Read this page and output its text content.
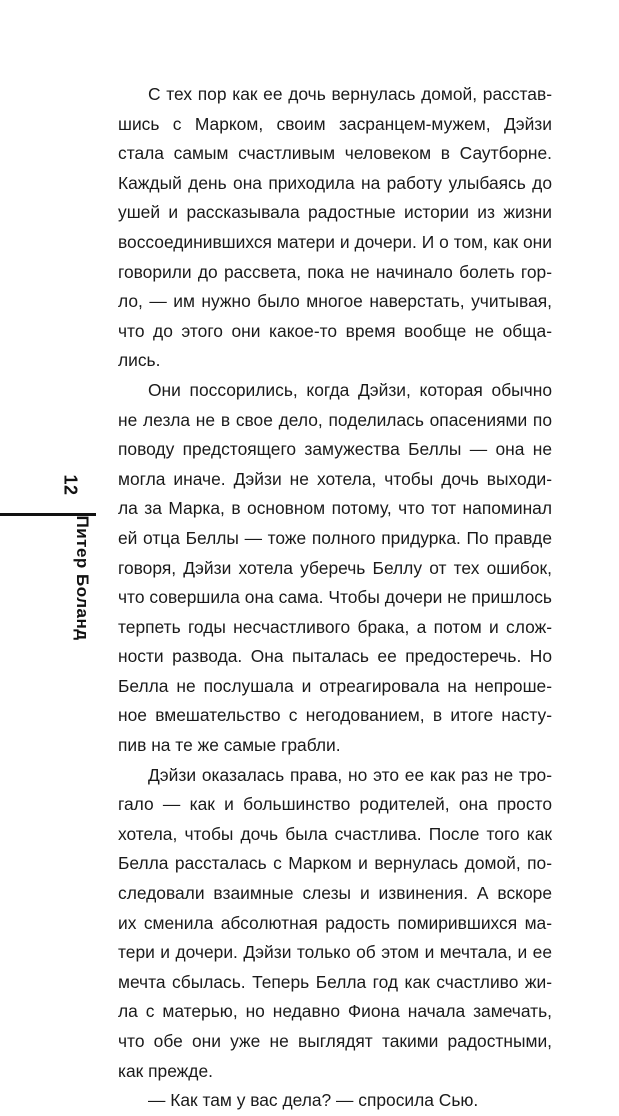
12
Питер Боланд
С тех пор как ее дочь вернулась домой, расстав-
шись с Марком, своим засранцем-мужем, Дэйзи
стала самым счастливым человеком в Саутборне.
Каждый день она приходила на работу улыбаясь до
ушей и рассказывала радостные истории из жизни
воссоединившихся матери и дочери. И о том, как они
говорили до рассвета, пока не начинало болеть гор-
ло, — им нужно было многое наверстать, учитывая,
что до этого они какое-то время вообще не обща-
лись.
Они поссорились, когда Дэйзи, которая обычно
не лезла не в свое дело, поделилась опасениями по
поводу предстоящего замужества Беллы — она не
могла иначе. Дэйзи не хотела, чтобы дочь выходи-
ла за Марка, в основном потому, что тот напоминал
ей отца Беллы — тоже полного придурка. По правде
говоря, Дэйзи хотела уберечь Беллу от тех ошибок,
что совершила она сама. Чтобы дочери не пришлось
терпеть годы несчастливого брака, а потом и слож-
ности развода. Она пыталась ее предостеречь. Но
Белла не послушала и отреагировала на непроше-
ное вмешательство с негодованием, в итоге насту-
пив на те же самые грабли.
Дэйзи оказалась права, но это ее как раз не тро-
гало — как и большинство родителей, она просто
хотела, чтобы дочь была счастлива. После того как
Белла рассталась с Марком и вернулась домой, по-
следовали взаимные слезы и извинения. А вскоре
их сменила абсолютная радость помирившихся ма-
тери и дочери. Дэйзи только об этом и мечтала, и ее
мечта сбылась. Теперь Белла год как счастливо жи-
ла с матерью, но недавно Фиона начала замечать,
что обе они уже не выглядят такими радостными,
как прежде.
— Как там у вас дела? — спросила Сью.
